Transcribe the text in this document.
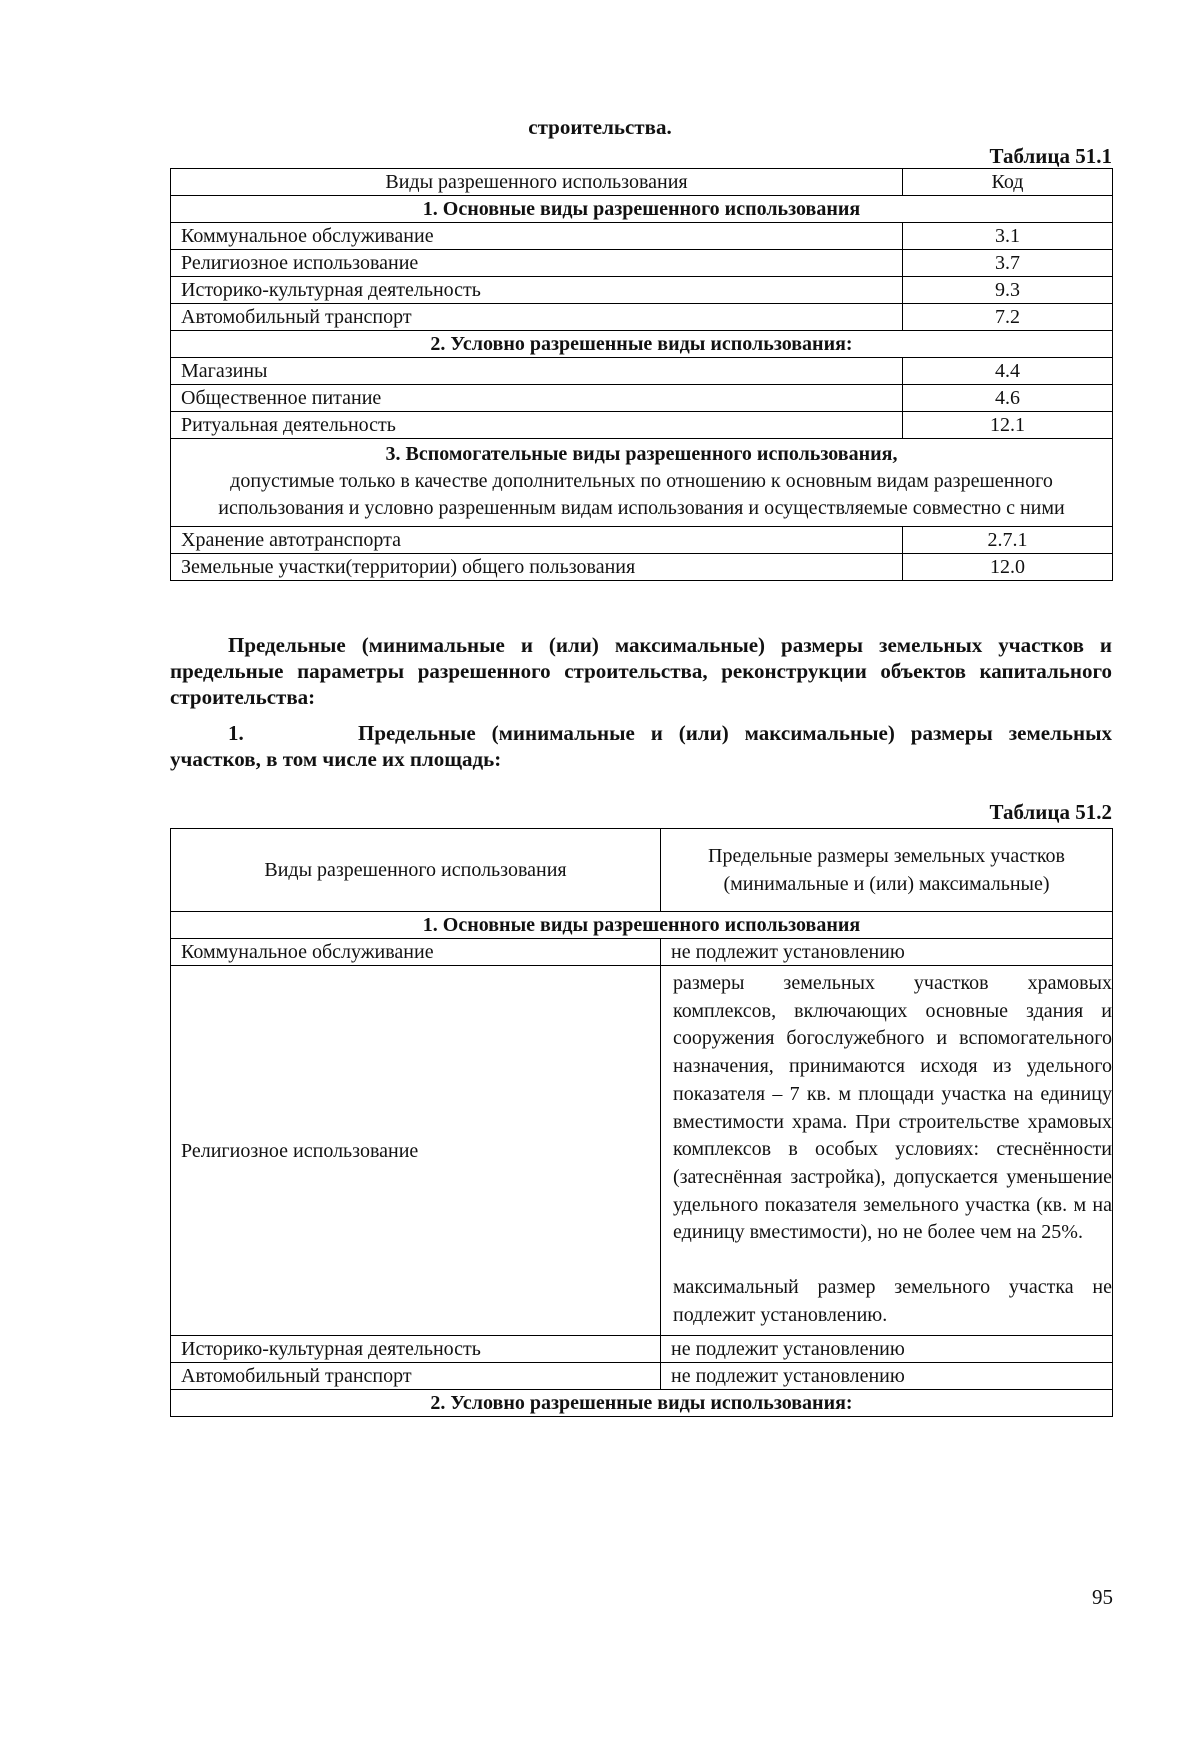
строительства.
Таблица 51.1
Виды разрешенного использования	Код
1. Основные виды разрешенного использования	
Коммунальное обслуживание	3.1
Религиозное использование	3.7
Историко-культурная деятельность	9.3
Автомобильный транспорт	7.2
2. Условно разрешенные виды использования:	
Магазины	4.4
Общественное питание	4.6
Ритуальная деятельность	12.1

3. Вспомогательные виды разрешенного использования,
допустимые только в качестве дополнительных по отношению к основным видам разрешенного использования и условно разрешенным видам использования и осуществляемые совместно с ними	

Хранение автотранспорта	2.7.1
Земельные участки(территории) общего пользования	12.0
Предельные (минимальные и (или) максимальные) размеры земельных участков и предельные параметры разрешенного строительства, реконструкции объектов капитального строительства:
1.	Предельные (минимальные и (или) максимальные) размеры земельных участков, в том числе их площадь:
Таблица 51.2
Виды разрешенного использования	Предельные размеры земельных участков (минимальные и (или) максимальные)
1. Основные виды разрешенного использования	
Коммунальное обслуживание	не подлежит установлению
Религиозное использование	размеры земельных участков храмовых комплексов, включающих основные здания и сооружения богослужебного и вспомогательного назначения, принимаются исходя из удельного показателя – 7 кв. м площади участка на единицу вместимости храма. При строительстве храмовых комплексов в особых условиях: стеснённости (затеснённая застройка), допускается уменьшение удельного показателя земельного участка (кв. м на единицу вместимости), но не более чем на 25%.

максимальный размер земельного участка не подлежит установлению.

Историко-культурная деятельность	не подлежит установлению
Автомобильный транспорт	не подлежит установлению
2. Условно разрешенные виды использования:	
95
